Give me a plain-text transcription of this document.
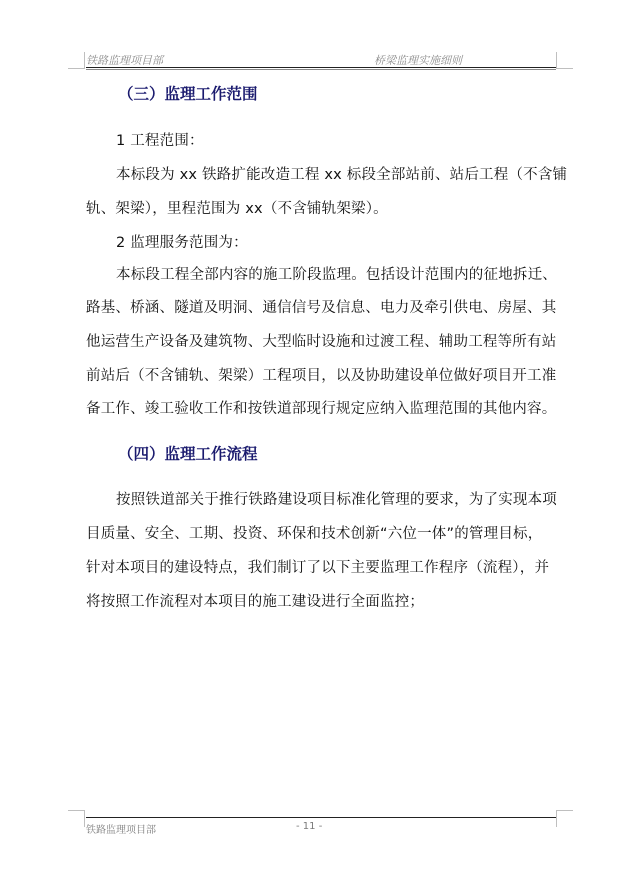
铁路监理项目部	桥梁监理实施细则
（三）监理工作范围
1 工程范围：
本标段为 xx 铁路扩能改造工程 xx 标段全部站前、站后工程（不含铺
轨、架梁），里程范围为 xx（不含铺轨架梁）。
2 监理服务范围为：
本标段工程全部内容的施工阶段监理。包括设计范围内的征地拆迁、
路基、桥涵、隧道及明洞、通信信号及信息、电力及牵引供电、房屋、其
他运营生产设备及建筑物、大型临时设施和过渡工程、辅助工程等所有站
前站后（不含铺轨、架梁）工程项目，以及协助建设单位做好项目开工准
备工作、竣工验收工作和按铁道部现行规定应纳入监理范围的其他内容。
（四）监理工作流程
按照铁道部关于推行铁路建设项目标准化管理的要求，为了实现本项
目质量、安全、工期、投资、环保和技术创新“六位一体”的管理目标，
针对本项目的建设特点，我们制订了以下主要监理工作程序（流程），并
将按照工作流程对本项目的施工建设进行全面监控；
铁路监理项目部	- 11 -
